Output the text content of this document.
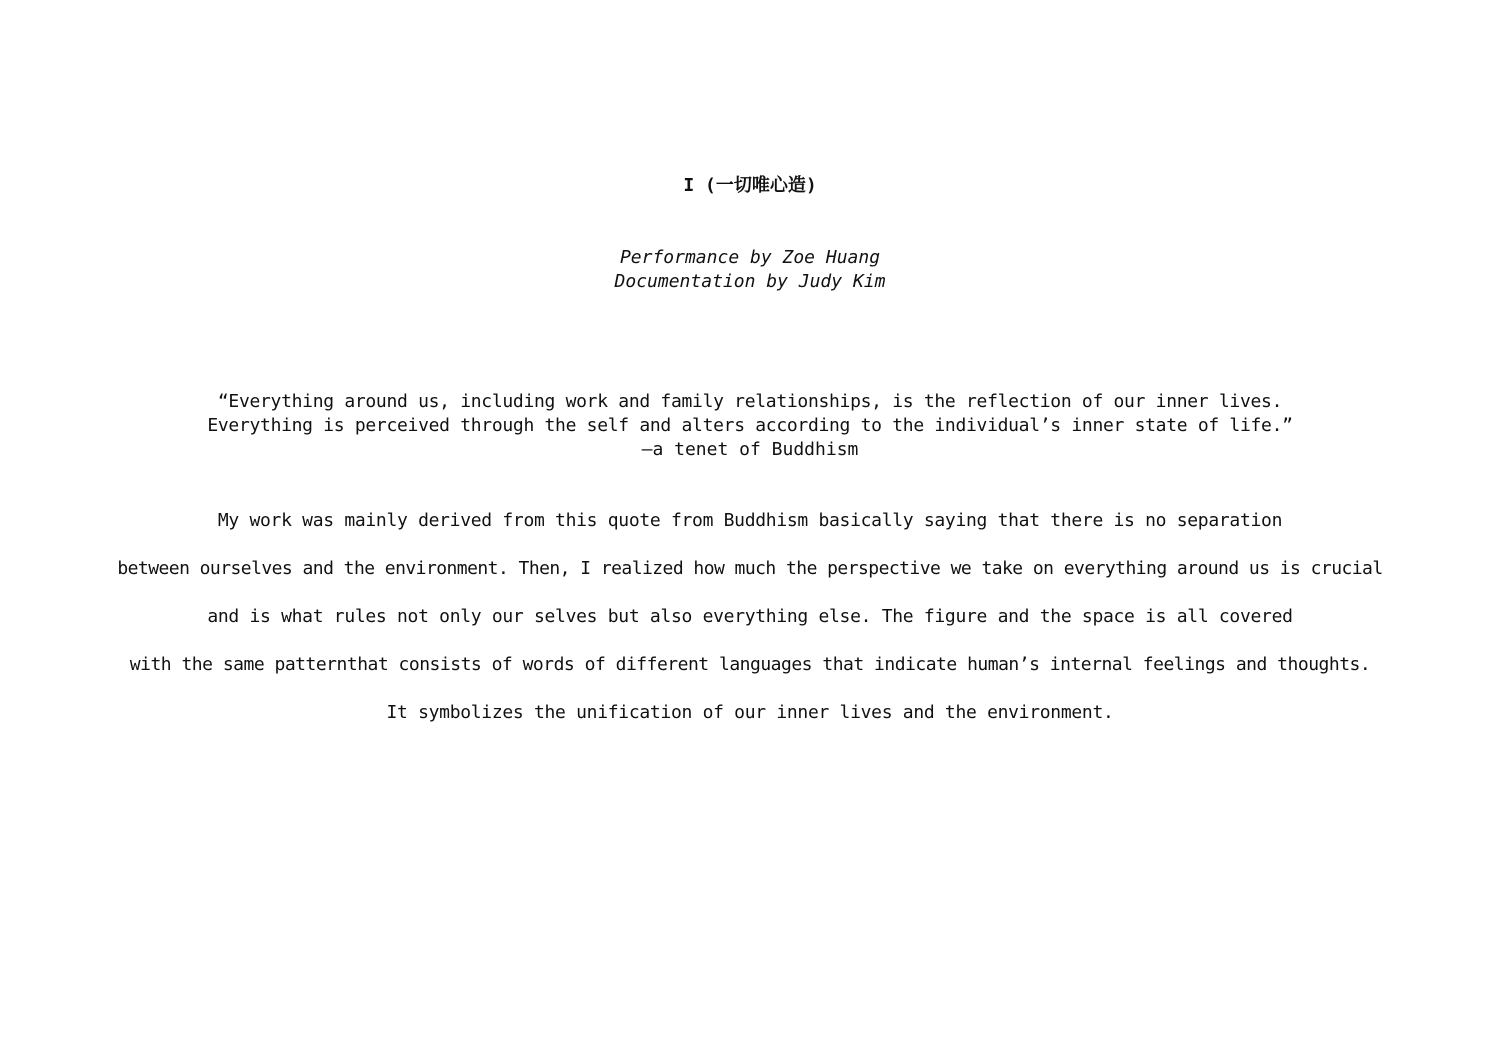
I (一切唯心造)
Performance by Zoe Huang
Documentation by Judy Kim
“Everything around us, including work and family relationships, is the reflection of our inner lives.
Everything is perceived through the self and alters according to the individual’s inner state of life.”
–a tenet of Buddhism
My work was mainly derived from this quote from Buddhism basically saying that there is no separation
between ourselves and the environment. Then, I realized how much the perspective we take on everything around us is crucial
and is what rules not only our selves but also everything else. The figure and the space is all covered
with the same patternthat consists of words of different languages that indicate human’s internal feelings and thoughts.
It symbolizes the unification of our inner lives and the environment.
